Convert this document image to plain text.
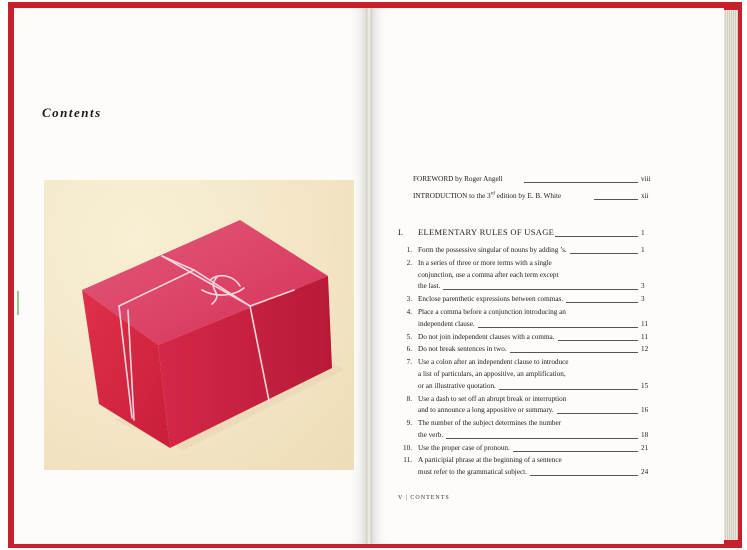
Contents
FOREWORD by Roger Angell	viii
INTRODUCTION to the 3rd edition by E. B. White	xii
I. ELEMENTARY RULES OF USAGE	1
1. Form the possessive singular of nouns by adding ’s.	1
2. In a series of three or more terms with a single
conjunction, use a comma after each term except
the last.	3
3. Enclose parenthetic expressions between commas.	3
4. Place a comma before a conjunction introducing an
independent clause.	11
5. Do not join independent clauses with a comma.	11
6. Do not break sentences in two.	12
7. Use a colon after an independent clause to introduce
a list of particulars, an appositive, an amplification,
or an illustrative quotation.	15
8. Use a dash to set off an abrupt break or interruption
and to announce a long appositive or summary.	16
9. The number of the subject determines the number
the verb.	18
10. Use the proper case of pronoun.	21
11. A participial phrase at the beginning of a sentence
must refer to the grammatical subject.	24
V | CONTENTS
